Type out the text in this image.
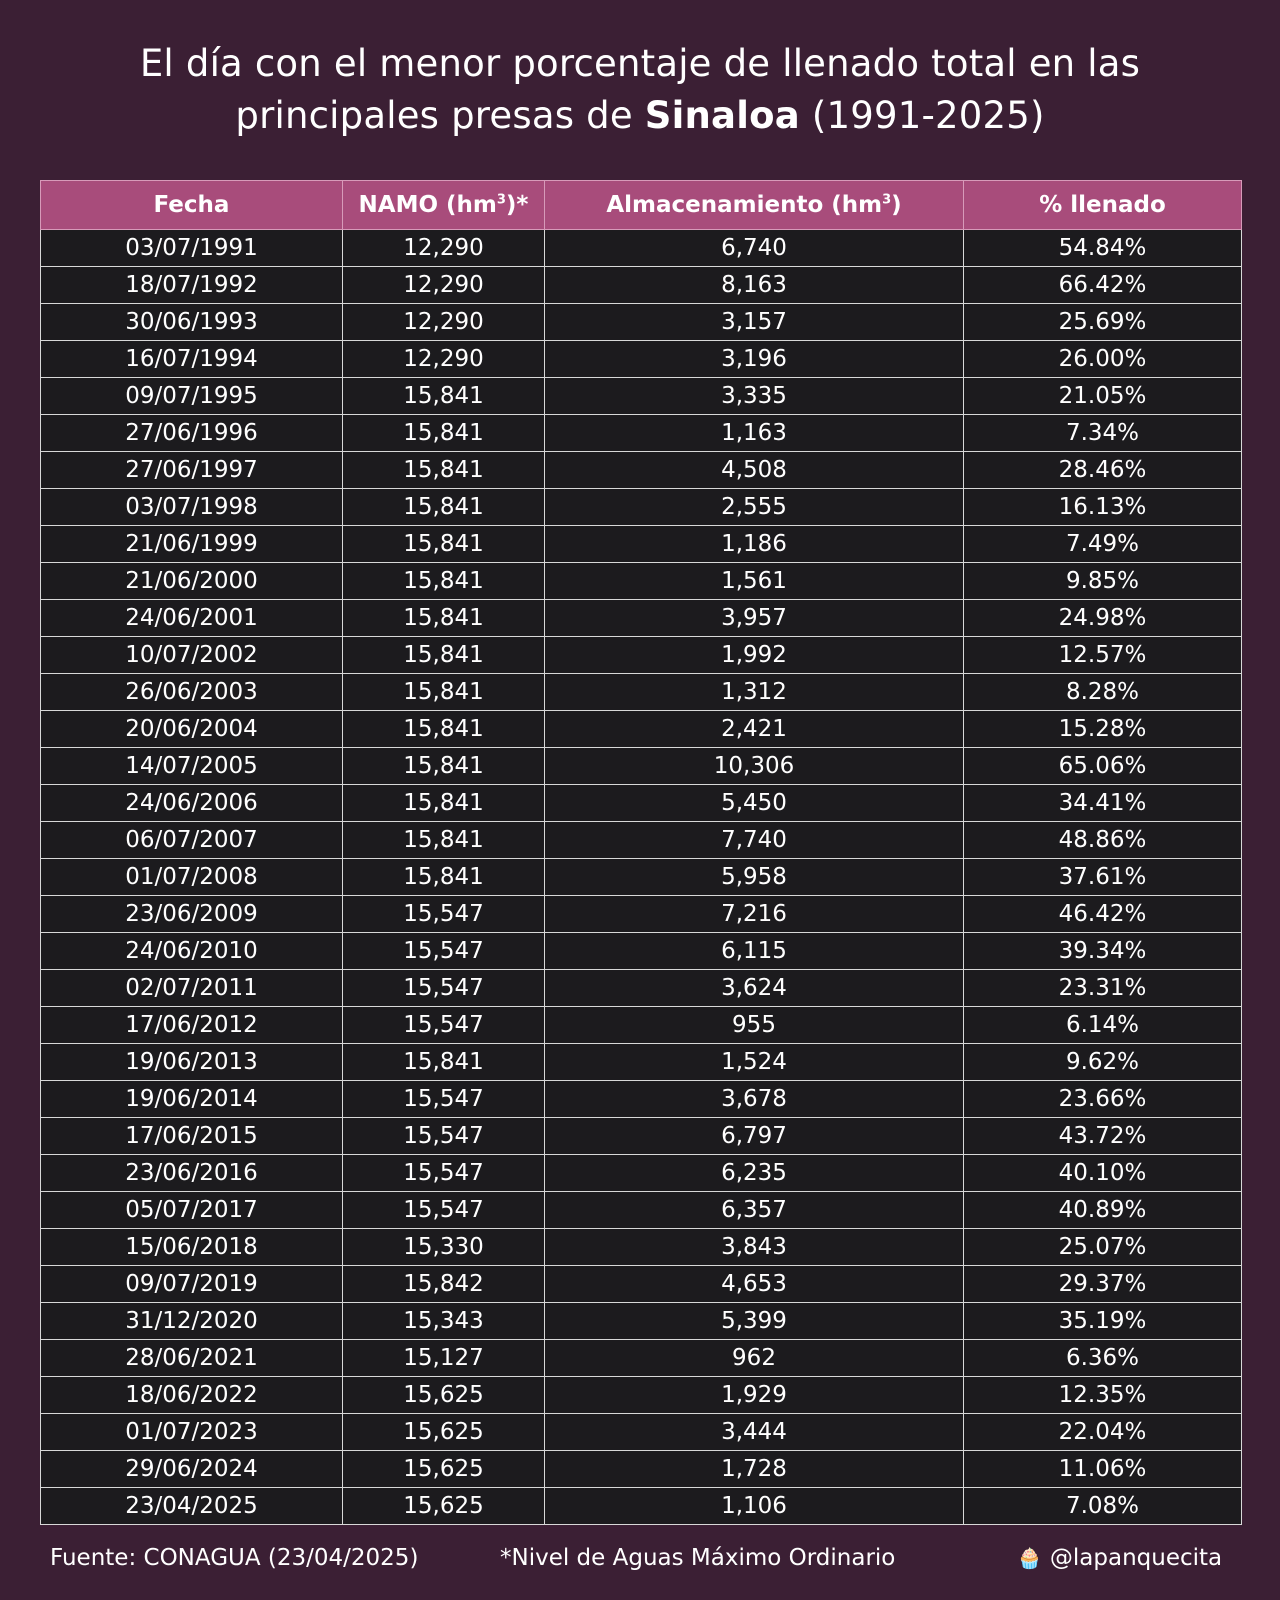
El día con el menor porcentaje de llenado total en las
principales presas de Sinaloa (1991-2025)
Fecha	NAMO $(hm^3)*$	Almacenamiento $(hm^3)$	% llenado
03/07/1991	12,290	6,740	54.84%
18/07/1992	12,290	8,163	66.42%
30/06/1993	12,290	3,157	25.69%
16/07/1994	12,290	3,196	26.00%
09/07/1995	15,841	3,335	21.05%
27/06/1996	15,841	1,163	7.34%
27/06/1997	15,841	4,508	28.46%
03/07/1998	15,841	2,555	16.13%
21/06/1999	15,841	1,186	7.49%
21/06/2000	15,841	1,561	9.85%
24/06/2001	15,841	3,957	24.98%
10/07/2002	15,841	1,992	12.57%
26/06/2003	15,841	1,312	8.28%
20/06/2004	15,841	2,421	15.28%
14/07/2005	15,841	10,306	65.06%
24/06/2006	15,841	5,450	34.41%
06/07/2007	15,841	7,740	48.86%
01/07/2008	15,841	5,958	37.61%
23/06/2009	15,547	7,216	46.42%
24/06/2010	15,547	6,115	39.34%
02/07/2011	15,547	3,624	23.31%
17/06/2012	15,547	955	6.14%
19/06/2013	15,841	1,524	9.62%
19/06/2014	15,547	3,678	23.66%
17/06/2015	15,547	6,797	43.72%
23/06/2016	15,547	6,235	40.10%
05/07/2017	15,547	6,357	40.89%
15/06/2018	15,330	3,843	25.07%
09/07/2019	15,842	4,653	29.37%
31/12/2020	15,343	5,399	35.19%
28/06/2021	15,127	962	6.36%
18/06/2022	15,625	1,929	12.35%
01/07/2023	15,625	3,444	22.04%
29/06/2024	15,625	1,728	11.06%
23/04/2025	15,625	1,106	7.08%
Fuente: CONAGUA (23/04/2025)	*Nivel de Aguas Máximo Ordinario	🧁 @lapanquecita
